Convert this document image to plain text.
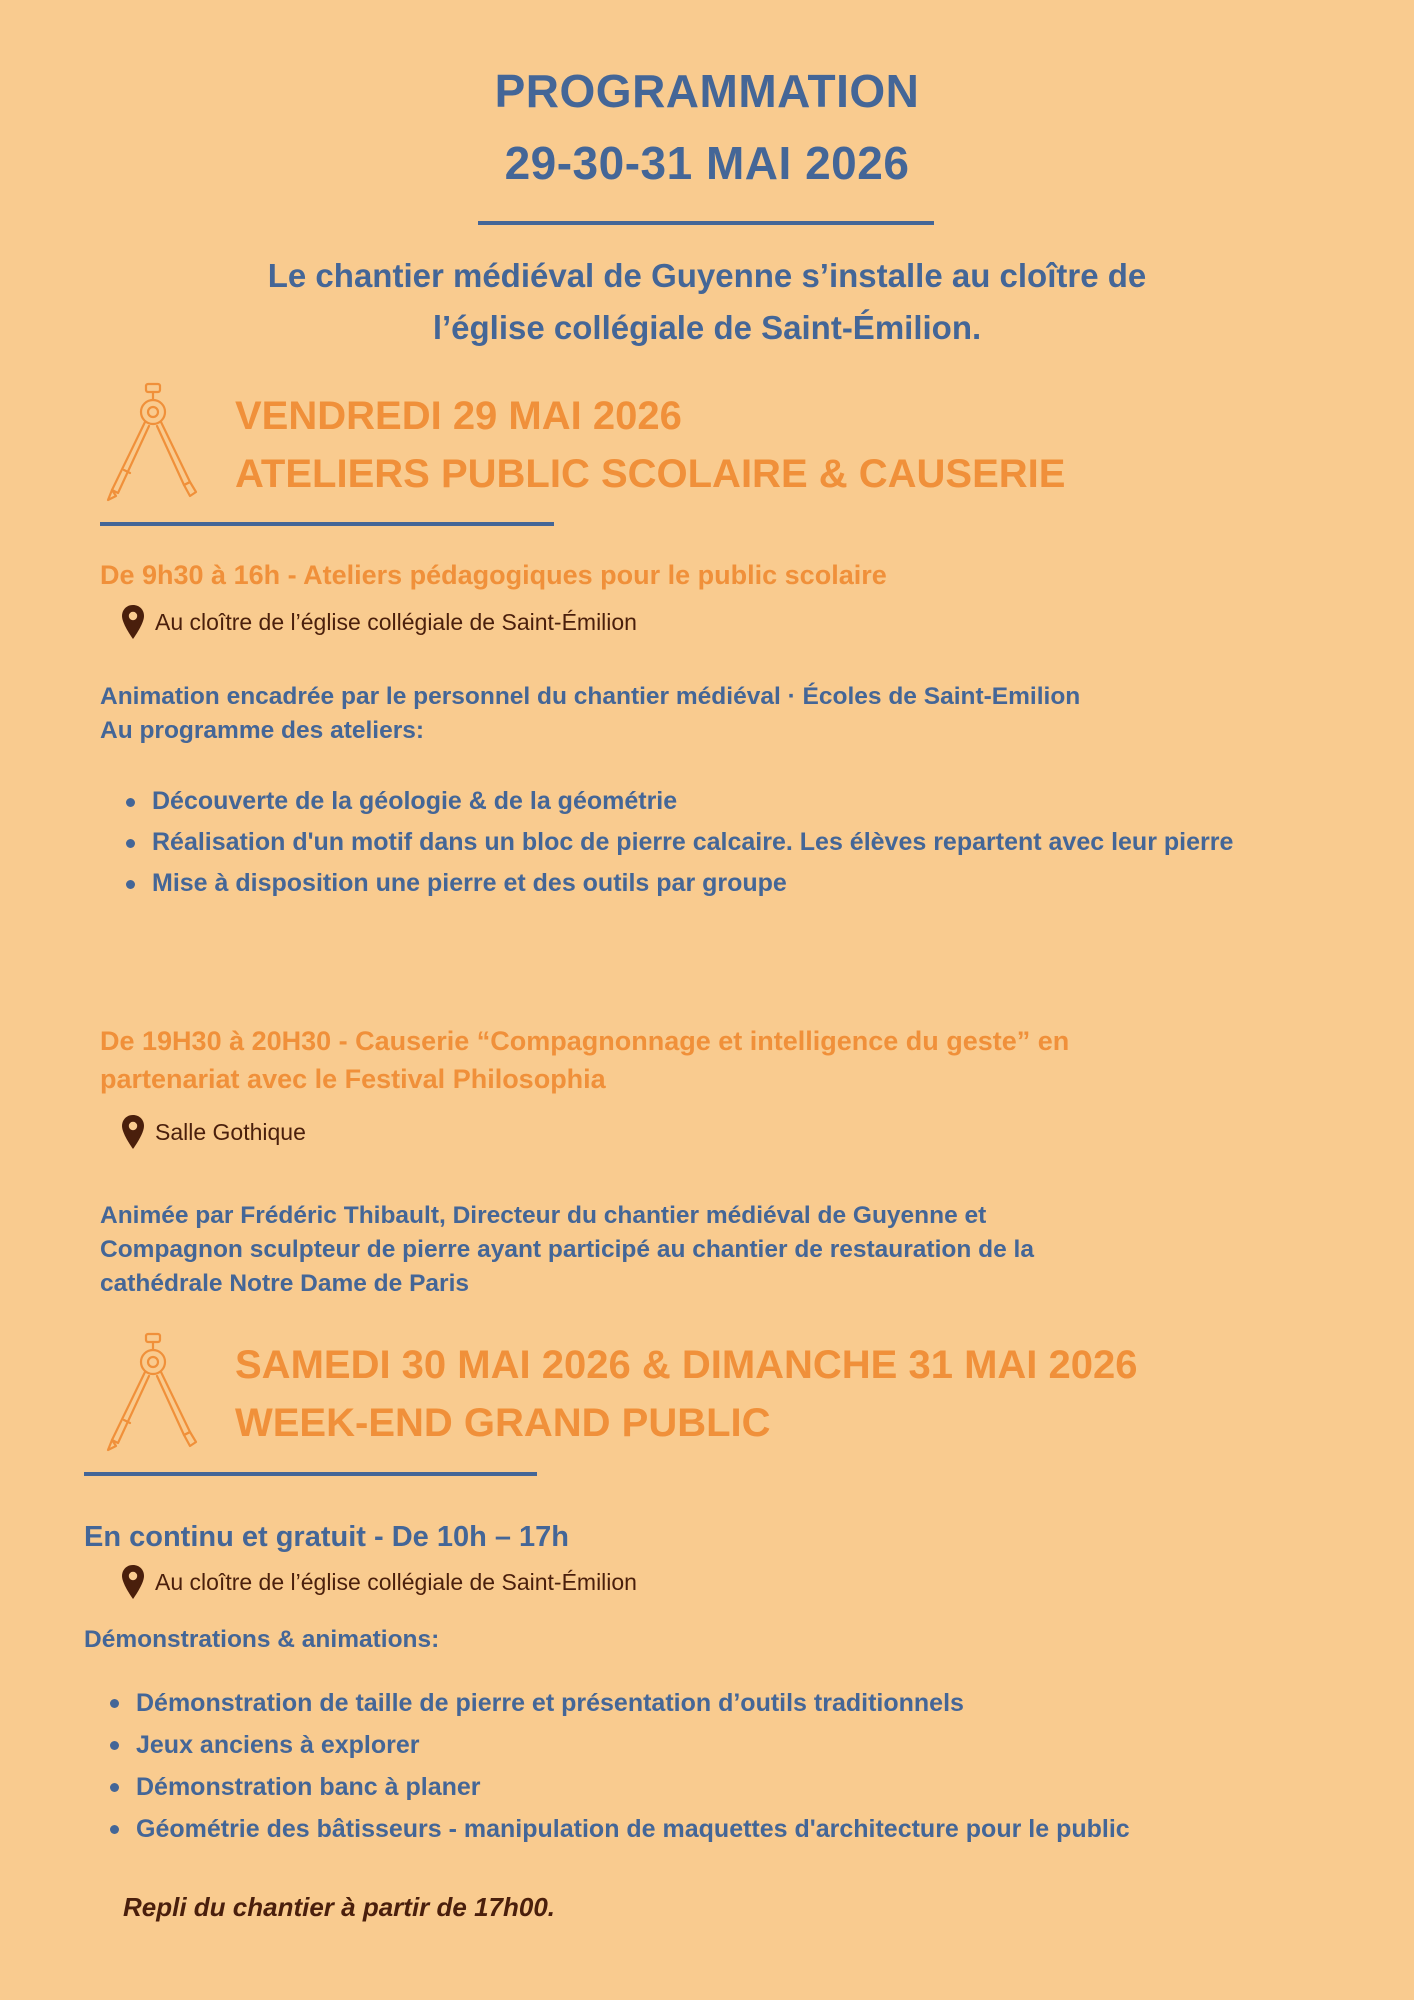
PROGRAMMATION
29-30-31 MAI 2026
Le chantier médiéval de Guyenne s’installe au cloître de
l’église collégiale de Saint-Émilion.
VENDREDI 29 MAI 2026
ATELIERS PUBLIC SCOLAIRE & CAUSERIE
De 9h30 à 16h - Ateliers pédagogiques pour le public scolaire
Au cloître de l’église collégiale de Saint-Émilion
Animation encadrée par le personnel du chantier médiéval · Écoles de Saint-Emilion
Au programme des ateliers:
Découverte de la géologie & de la géométrie
Réalisation d'un motif dans un bloc de pierre calcaire. Les élèves repartent avec leur pierre
Mise à disposition une pierre et des outils par groupe
De 19H30 à 20H30 - Causerie “Compagnonnage et intelligence du geste” en
partenariat avec le Festival Philosophia
Salle Gothique
Animée par Frédéric Thibault, Directeur du chantier médiéval de Guyenne et
Compagnon sculpteur de pierre ayant participé au chantier de restauration de la
cathédrale Notre Dame de Paris
SAMEDI 30 MAI 2026 & DIMANCHE 31 MAI 2026
WEEK-END GRAND PUBLIC
En continu et gratuit - De 10h – 17h
Au cloître de l’église collégiale de Saint-Émilion
Démonstrations & animations:
Démonstration de taille de pierre et présentation d’outils traditionnels
Jeux anciens à explorer
Démonstration banc à planer
Géométrie des bâtisseurs - manipulation de maquettes d'architecture pour le public
Repli du chantier à partir de 17h00.
